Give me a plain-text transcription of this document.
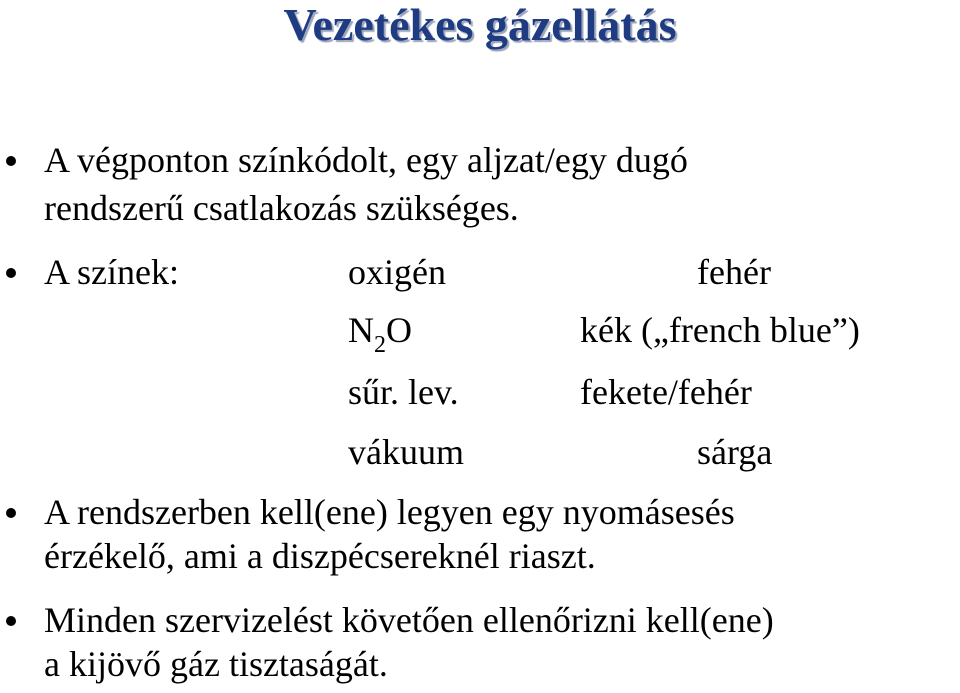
Vezetékes gázellátás
A végponton színkódolt, egy aljzat/egy dugó
rendszerű csatlakozás szükséges.
A színek:	oxigén	fehér
$N_2O$	kék („french blue”)
sűr. lev.	fekete/fehér
vákuum	sárga
A rendszerben kell(ene) legyen egy nyomásesés
érzékelő, ami a diszpécsereknél riaszt.
Minden szervizelést követően ellenőrizni kell(ene)
a kijövő gáz tisztaságát.
